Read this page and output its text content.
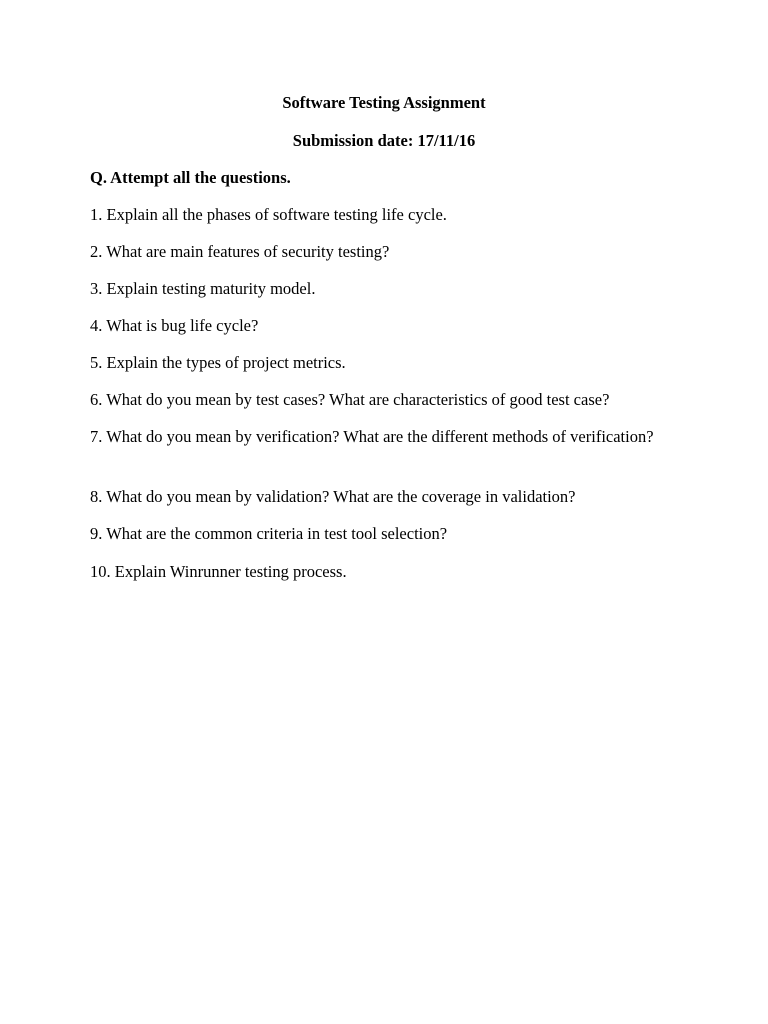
Software Testing Assignment
Submission date: 17/11/16

Q. Attempt all the questions.

1. Explain all the phases of software testing life cycle.

2. What are main features of security testing?

3. Explain testing maturity model.

4. What is bug life cycle?

5. Explain the types of project metrics.

6. What do you mean by test cases? What are characteristics of good test case?

7. What do you mean by verification? What are the different methods of verification?

8. What do you mean by validation? What are the coverage in validation?

9. What are the common criteria in test tool selection?

10. Explain Winrunner testing process.
